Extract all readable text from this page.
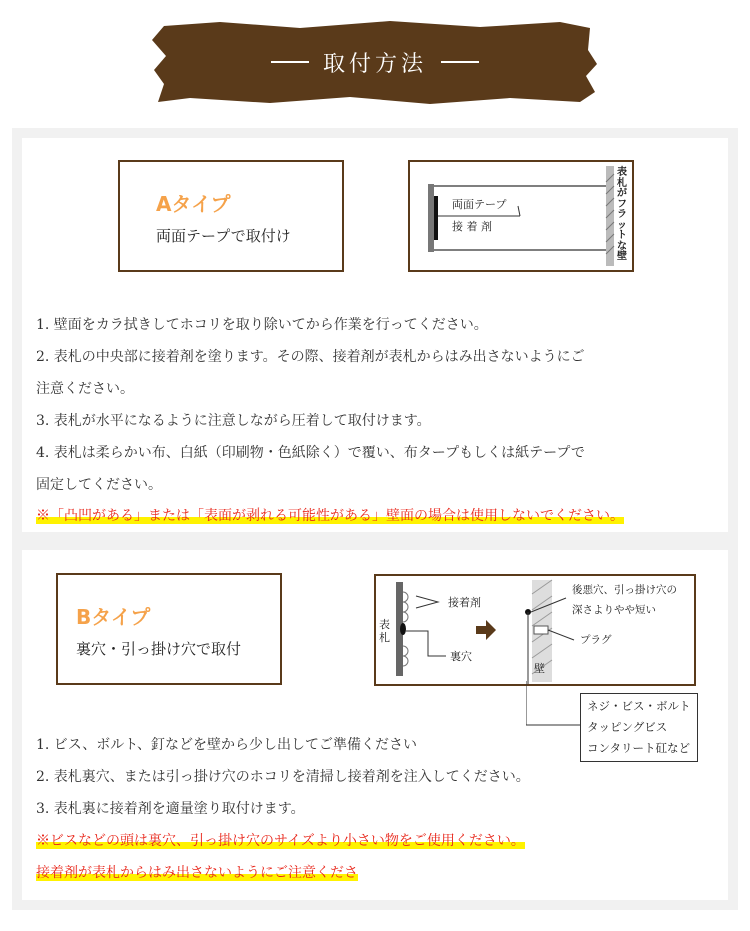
取付方法
Aタイプ
両面テープで取付け
両面テープ
接 着 剤
表札がフラットな壁
1. 壁面をカラ拭きしてホコリを取り除いてから作業を行ってください。
2. 表札の中央部に接着剤を塗ります。その際、接着剤が表札からはみ出さないようにご
注意ください。
3. 表札が水平になるように注意しながら圧着して取付けます。
4. 表札は柔らかい布、白紙（印刷物・色紙除く）で覆い、布タープもしくは紙テープで
固定してください。
※「凸凹がある」または「表面が剥れる可能性がある」壁面の場合は使用しないでください。
Bタイプ
裏穴・引っ掛け穴で取付
表札
接着剤
裏穴
壁
後悪穴、引っ掛け穴の
深さよりやや短い
プラグ
ネジ・ビス・ボルト
タッピングビス
コンタリート矼など
1. ビス、ボルト、釘などを壁から少し出してご準備ください
2. 表札裏穴、または引っ掛け穴のホコリを清掃し接着剤を注入してください。
3. 表札裏に接着剤を適量塗り取付けます。
※ビスなどの頭は裏穴、引っ掛け穴のサイズより小さい物をご使用ください。
接着剤が表札からはみ出さないようにご注意くださ
